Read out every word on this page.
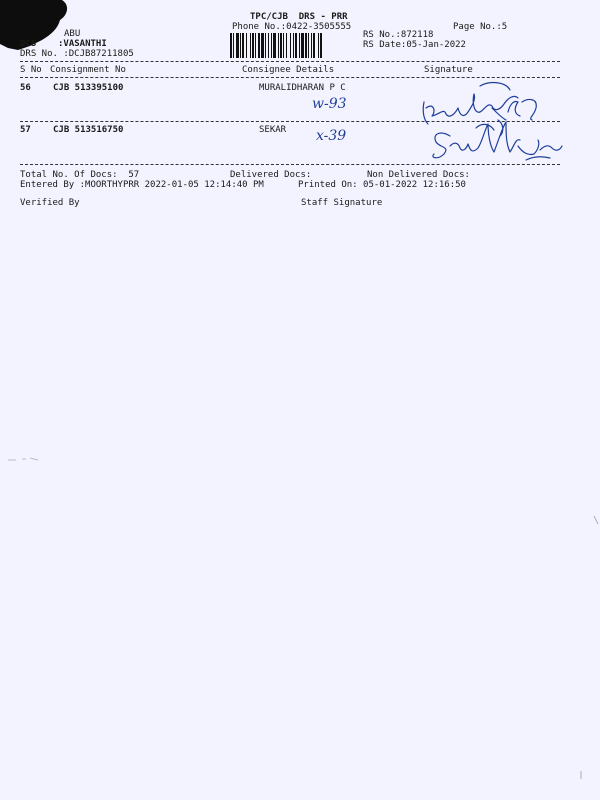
TPC/CJB  DRS - PRR
Phone No.:0422-3505555	Page No.:5
RS No.:872118
RS Date:05-Jan-2022
ABU
DCS :VASANTHI
DRS No. :DCJB87211805
S No Consignment No	Consignee Details	Signature
56 CJB 513395100	MURALIDHARAN P C
w-93
57 CJB 513516750	SEKAR x-39
Total No. Of Docs:  57	Delivered Docs:	Non Delivered Docs:
Entered By :MOORTHYPRR 2022-01-05 12:14:40 PM	Printed On: 05-01-2022 12:16:50
Verified By	Staff Signature
